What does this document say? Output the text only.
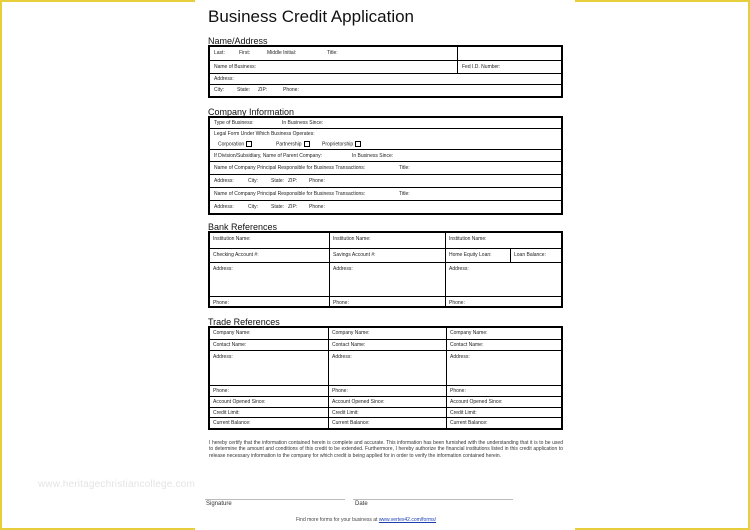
www.heritagechristiancollege.com
Business Credit Application
Name/Address
Last:	First:	Middle Initial:	Title:
Name of Business:	Fed I.D. Number:
Address:
City:	State: ZIP:	Phone:
Company Information
Type of Business:	In Business Since:
Legal Form Under Which Business Operates:
Corporation	Partnership	Proprietorship
If Division/Subsidiary, Name of Parent Company:	In Business Since:
Name of Company Principal Responsible for Business Transactions:	Title:
Address:	City:	State: ZIP: Phone:
Name of Company Principal Responsible for Business Transactions:	Title:
Address:	City:	State: ZIP: Phone:
Bank References
Institution Name:	Institution Name:	Institution Name:
Checking Account #:	Savings Account #:	Home Equity Loan:	Loan Balance:
Address:	Address:	Address:
Phone:	Phone:	Phone:
Trade References
Company Name:	Company Name:	Company Name:
Contact Name:	Contact Name:	Contact Name:
Address:	Address:	Address:
Phone:	Phone:	Phone:
Account Opened Since:	Account Opened Since:	Account Opened Since:
Credit Limit:	Credit Limit:	Credit Limit:
Current Balance:	Current Balance:	Current Balance:
I hereby certify that the information contained herein is complete and accurate. This information has been furnished with the understanding that it is to be used to determine the amount and conditions of this credit to be extended. Furthermore, I hereby authorize the financial institutions listed in this credit application to release necessary information to the company for which credit is being applied for in order to verify the information contained herein.
Signature	Date
Find more forms for your business at www.vertex42.com/forms/
